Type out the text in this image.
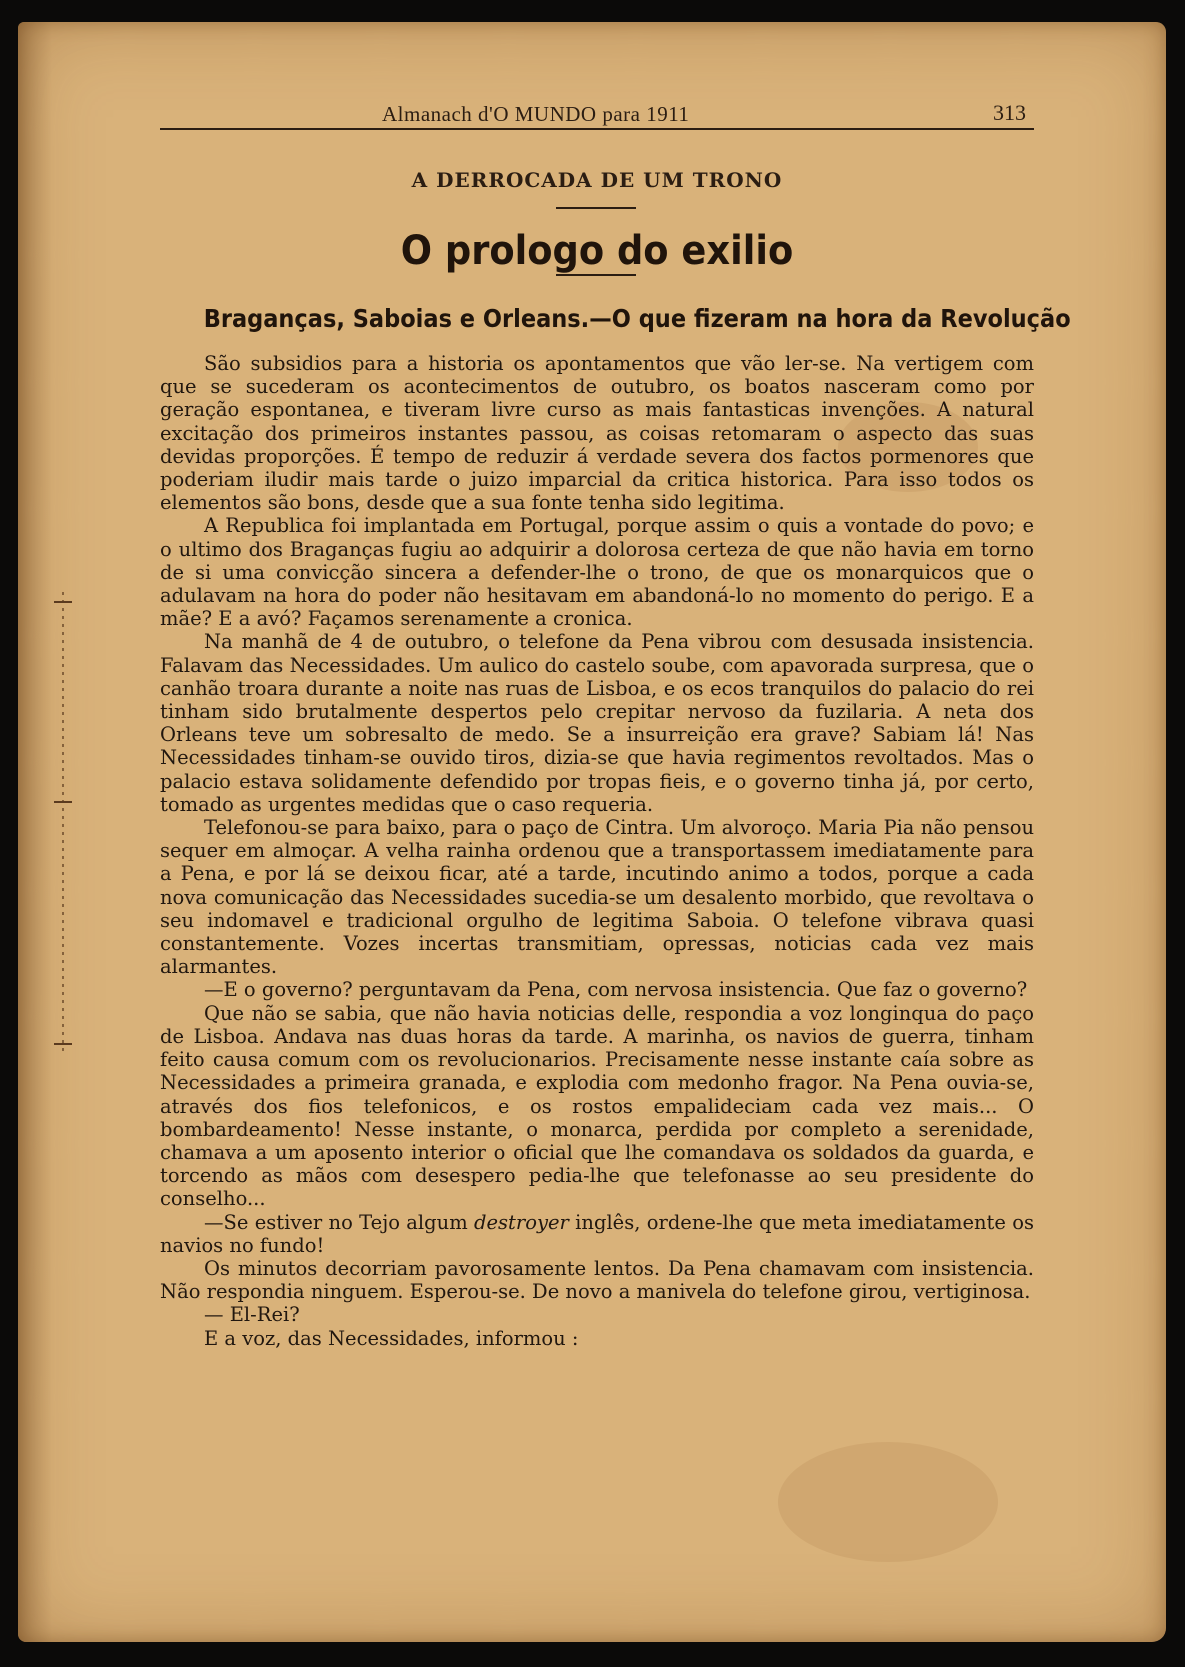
Almanach d'O MUNDO para 1911	313
A DERROCADA DE UM TRONO
O prologo do exilio
Braganças, Saboias e Orleans.—O que fizeram na hora da Revolução

São subsidios para a historia os apontamentos que vão ler-se. Na vertigem com que se sucederam os acontecimentos de outubro, os boatos nasceram como por geração espontanea, e tiveram livre curso as mais fantasticas invenções. A natural excitação dos primeiros instantes passou, as coisas retomaram o aspecto das suas devidas proporções. É tempo de reduzir á verdade severa dos factos pormenores que poderiam iludir mais tarde o juizo imparcial da critica historica. Para isso todos os elementos são bons, desde que a sua fonte tenha sido legitima.

A Republica foi implantada em Portugal, porque assim o quis a vontade do povo; e o ultimo dos Braganças fugiu ao adquirir a dolorosa certeza de que não havia em torno de si uma convicção sincera a defender-lhe o trono, de que os monarquicos que o adulavam na hora do poder não hesitavam em abandoná-lo no momento do perigo. E a mãe? E a avó? Façamos serenamente a cronica.

Na manhã de 4 de outubro, o telefone da Pena vibrou com desusada insistencia. Falavam das Necessidades. Um aulico do castelo soube, com apavorada surpresa, que o canhão troara durante a noite nas ruas de Lisboa, e os ecos tranquilos do palacio do rei tinham sido brutalmente despertos pelo crepitar nervoso da fuzilaria. A neta dos Orleans teve um sobresalto de medo. Se a insurreição era grave? Sabiam lá! Nas Necessidades tinham-se ouvido tiros, dizia-se que havia regimentos revoltados. Mas o palacio estava solidamente defendido por tropas fieis, e o governo tinha já, por certo, tomado as urgentes medidas que o caso requeria.

Telefonou-se para baixo, para o paço de Cintra. Um alvoroço. Maria Pia não pensou sequer em almoçar. A velha rainha ordenou que a transportassem imediatamente para a Pena, e por lá se deixou ficar, até a tarde, incutindo animo a todos, porque a cada nova comunicação das Necessidades sucedia-se um desalento morbido, que revoltava o seu indomavel e tradicional orgulho de legitima Saboia. O telefone vibrava quasi constantemente. Vozes incertas transmitiam, opressas, noticias cada vez mais alarmantes.

—E o governo? perguntavam da Pena, com nervosa insistencia. Que faz o governo?

Que não se sabia, que não havia noticias delle, respondia a voz longinqua do paço de Lisboa. Andava nas duas horas da tarde. A marinha, os navios de guerra, tinham feito causa comum com os revolucionarios. Precisamente nesse instante caía sobre as Necessidades a primeira granada, e explodia com medonho fragor. Na Pena ouvia-se, através dos fios telefonicos, e os rostos empalideciam cada vez mais... O bombardeamento! Nesse instante, o monarca, perdida por completo a serenidade, chamava a um aposento interior o oficial que lhe comandava os soldados da guarda, e torcendo as mãos com desespero pedia-lhe que telefonasse ao seu presidente do conselho...

—Se estiver no Tejo algum destroyer inglês, ordene-lhe que meta imediatamente os navios no fundo!

Os minutos decorriam pavorosamente lentos. Da Pena chamavam com insistencia. Não respondia ninguem. Esperou-se. De novo a manivela do telefone girou, vertiginosa.

— El-Rei?

E a voz, das Necessidades, informou :
